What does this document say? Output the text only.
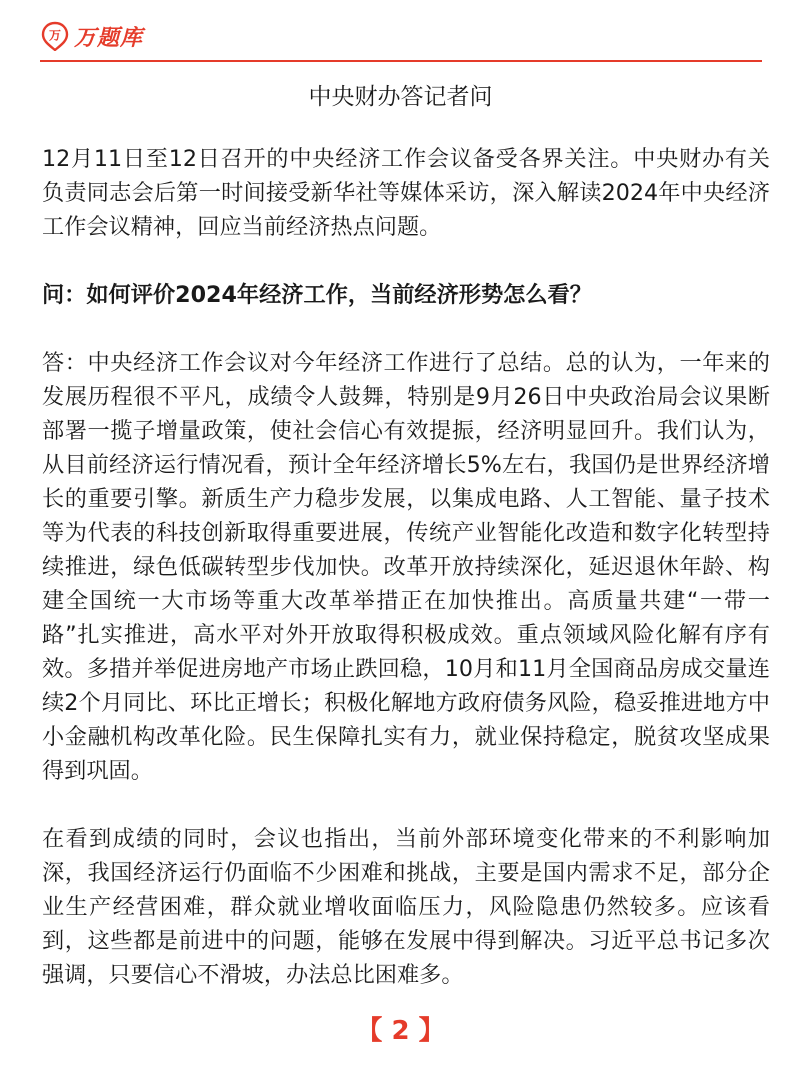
万 万题库
中央财办答记者问

12月11日至12日召开的中央经济工作会议备受各界关注。中央财办有关负责同志会后第一时间接受新华社等媒体采访，深入解读2024年中央经济工作会议精神，回应当前经济热点问题。

问：如何评价2024年经济工作，当前经济形势怎么看？

答：中央经济工作会议对今年经济工作进行了总结。总的认为，一年来的发展历程很不平凡，成绩令人鼓舞，特别是9月26日中央政治局会议果断部署一揽子增量政策，使社会信心有效提振，经济明显回升。我们认为，从目前经济运行情况看，预计全年经济增长5%左右，我国仍是世界经济增长的重要引擎。新质生产力稳步发展，以集成电路、人工智能、量子技术等为代表的科技创新取得重要进展，传统产业智能化改造和数字化转型持续推进，绿色低碳转型步伐加快。改革开放持续深化，延迟退休年龄、构建全国统一大市场等重大改革举措正在加快推出。高质量共建“一带一路”扎实推进，高水平对外开放取得积极成效。重点领域风险化解有序有效。多措并举促进房地产市场止跌回稳，10月和11月全国商品房成交量连续2个月同比、环比正增长；积极化解地方政府债务风险，稳妥推进地方中小金融机构改革化险。民生保障扎实有力，就业保持稳定，脱贫攻坚成果得到巩固。

在看到成绩的同时，会议也指出，当前外部环境变化带来的不利影响加深，我国经济运行仍面临不少困难和挑战，主要是国内需求不足，部分企业生产经营困难，群众就业增收面临压力，风险隐患仍然较多。应该看到，这些都是前进中的问题，能够在发展中得到解决。习近平总书记多次强调，只要信心不滑坡，办法总比困难多。

【 2 】
